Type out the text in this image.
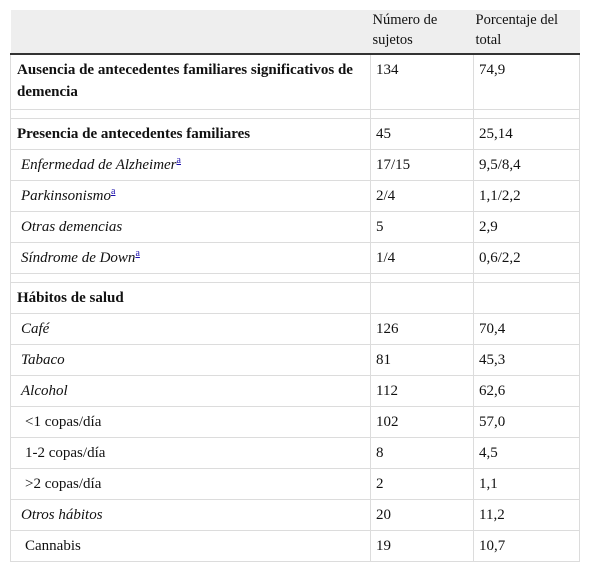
	Número de sujetos	Porcentaje del total
Ausencia de antecedentes familiares significativos de demencia	134	74,9

Presencia de antecedentes familiares	45	25,14
Enfermedad de Alzheimer$^a$	17/15	9,5/8,4
Parkinsonismo$^a$	2/4	1,1/2,2
Otras demencias	5	2,9
Síndrome de Down$^a$	1/4	0,6/2,2

Hábitos de salud		
Café	126	70,4
Tabaco	81	45,3
Alcohol	112	62,6
<1 copas/día	102	57,0
1-2 copas/día	8	4,5
>2 copas/día	2	1,1
Otros hábitos	20	11,2
Cannabis	19	10,7
